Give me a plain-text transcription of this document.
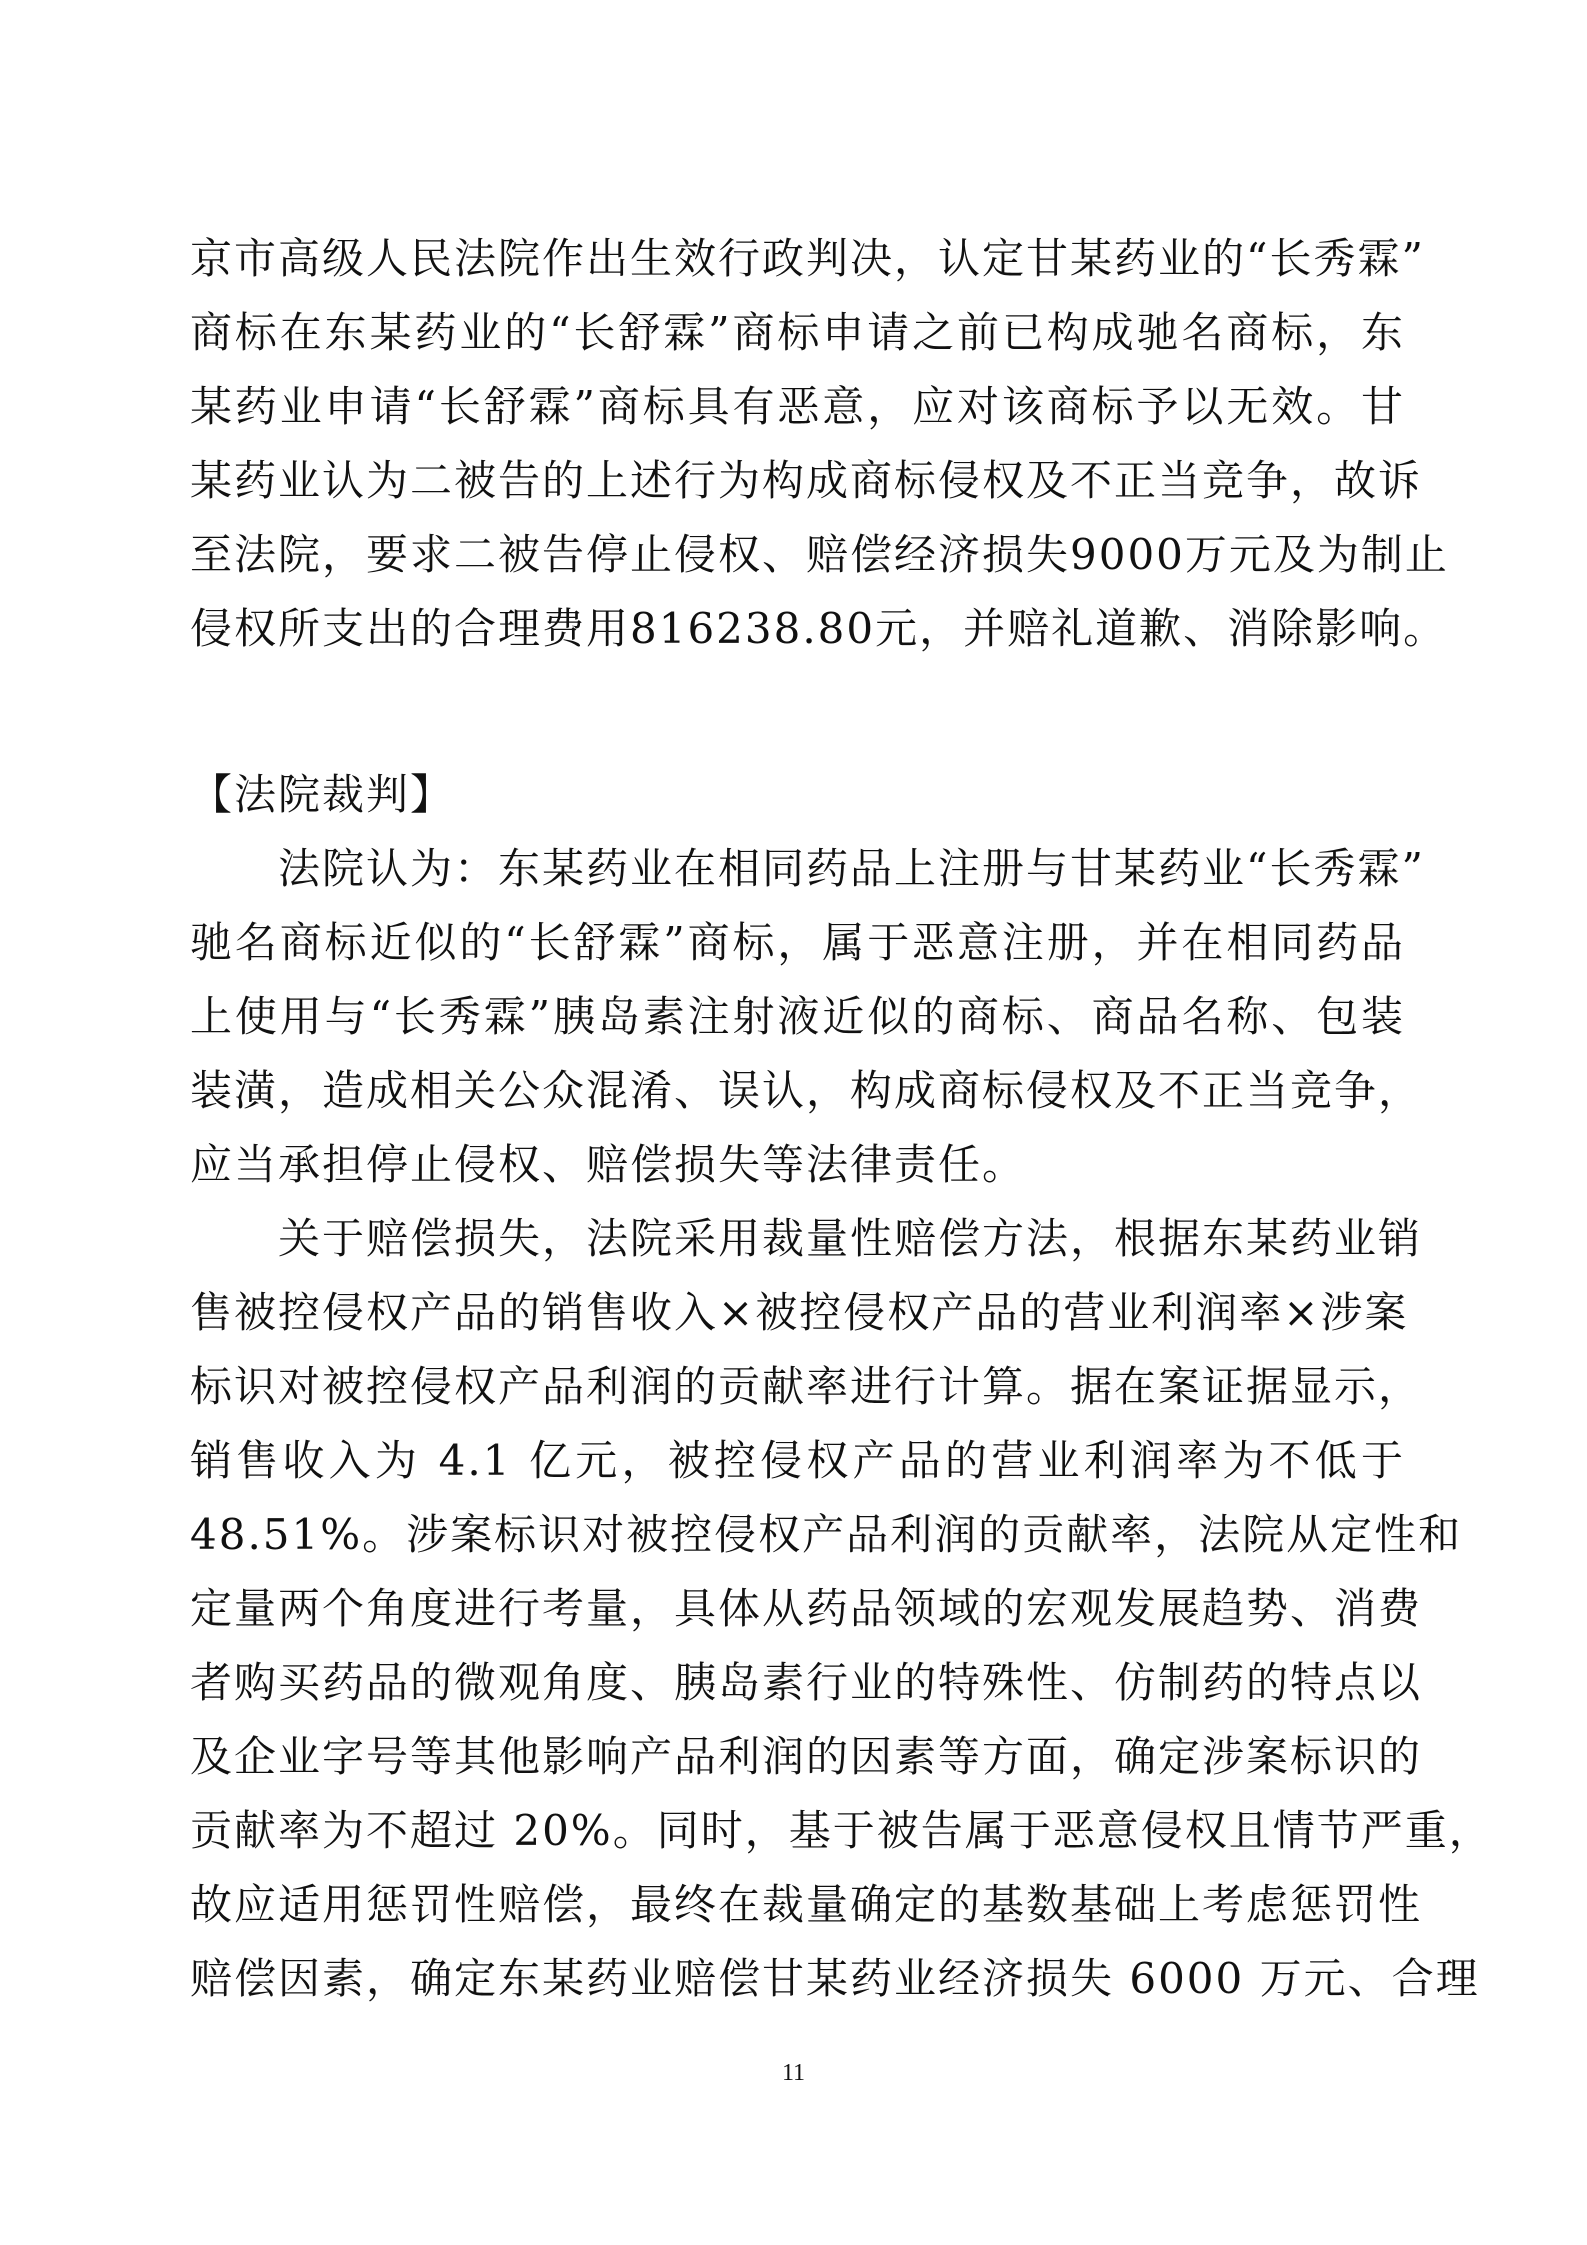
京市高级人民法院作出生效行政判决，认定甘某药业的“长秀霖”
商标在东某药业的“长舒霖”商标申请之前已构成驰名商标，东
某药业申请“长舒霖”商标具有恶意，应对该商标予以无效。甘
某药业认为二被告的上述行为构成商标侵权及不正当竞争，故诉
至法院，要求二被告停止侵权、赔偿经济损失9000万元及为制止
侵权所支出的合理费用816238.80元，并赔礼道歉、消除影响。
【法院裁判】
　　法院认为：东某药业在相同药品上注册与甘某药业“长秀霖”
驰名商标近似的“长舒霖”商标，属于恶意注册，并在相同药品
上使用与“长秀霖”胰岛素注射液近似的商标、商品名称、包装
装潢，造成相关公众混淆、误认，构成商标侵权及不正当竞争，
应当承担停止侵权、赔偿损失等法律责任。
　　关于赔偿损失，法院采用裁量性赔偿方法，根据东某药业销
售被控侵权产品的销售收入×被控侵权产品的营业利润率×涉案
标识对被控侵权产品利润的贡献率进行计算。据在案证据显示，
销售收入为 4.1 亿元，被控侵权产品的营业利润率为不低于
48.51%。涉案标识对被控侵权产品利润的贡献率，法院从定性和
定量两个角度进行考量，具体从药品领域的宏观发展趋势、消费
者购买药品的微观角度、胰岛素行业的特殊性、仿制药的特点以
及企业字号等其他影响产品利润的因素等方面，确定涉案标识的
贡献率为不超过 20%。同时，基于被告属于恶意侵权且情节严重，
故应适用惩罚性赔偿，最终在裁量确定的基数基础上考虑惩罚性
赔偿因素，确定东某药业赔偿甘某药业经济损失 6000 万元、合理
11
